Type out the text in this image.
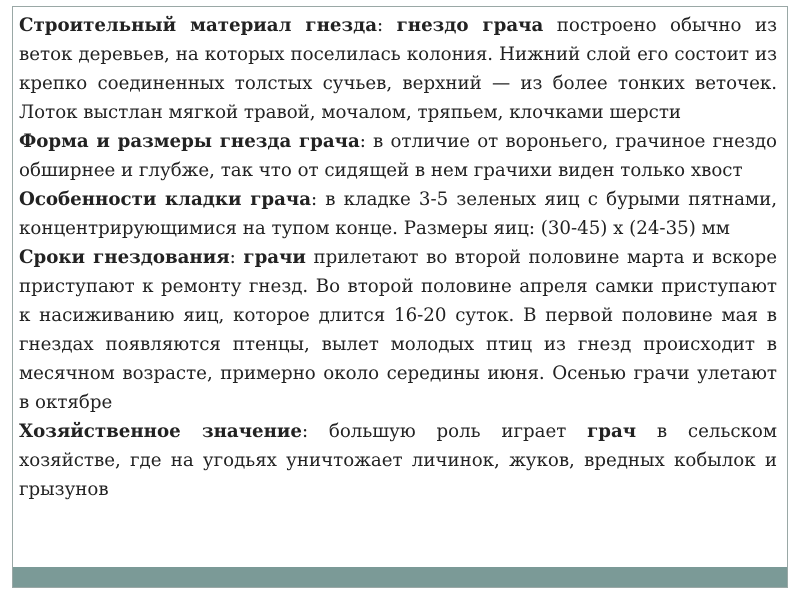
Строительный материал гнезда: гнездо грача построено обычно из веток деревьев, на которых поселилась колония. Нижний слой его состоит из крепко соединенных толстых сучьев, верхний — из более тонких веточек. Лоток выстлан мягкой травой, мочалом, тряпьем, клочками шерсти

Форма и размеры гнезда грача: в отличие от вороньего, грачиное гнездо обширнее и глубже, так что от сидящей в нем грачихи виден только хвост

Особенности кладки грача: в кладке 3-5 зеленых яиц с бурыми пятнами, концентрирующимися на тупом конце. Размеры яиц: (30-45) x (24-35) мм

Сроки гнездования: грачи прилетают во второй половине марта и вскоре приступают к ремонту гнезд. Во второй половине апреля самки приступают к насиживанию яиц, которое длится 16-20 суток. В первой половине мая в гнездах появляются птенцы, вылет молодых птиц из гнезд происходит в месячном возрасте, примерно около середины июня. Осенью грачи улетают в октябре

Хозяйственное значение: большую роль играет грач в сельском хозяйстве, где на угодьях уничтожает личинок, жуков, вредных кобылок и грызунов
